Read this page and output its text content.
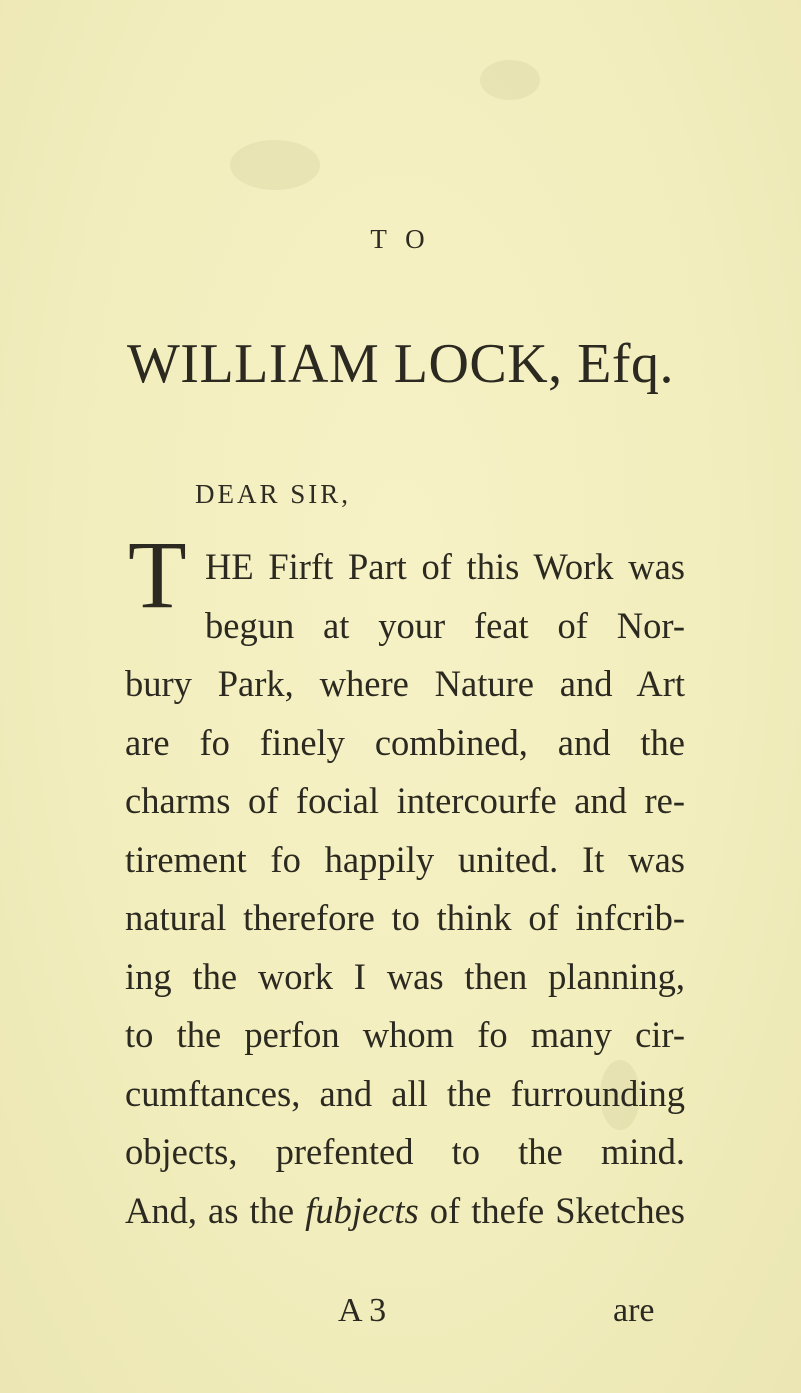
T O
WILLIAM LOCK, Efq.
DEAR SIR,
T HE Firft Part of this Work was
begun at your feat of Nor-
bury Park, where Nature and Art
are fo finely combined, and the
charms of focial intercourfe and re-
tirement fo happily united. It was
natural therefore to think of infcrib-
ing the work I was then planning,
to the perfon whom fo many cir-
cumftances, and all the furrounding
objects, prefented to the mind.
And, as the fubjects of thefe Sketches
A 3	are
